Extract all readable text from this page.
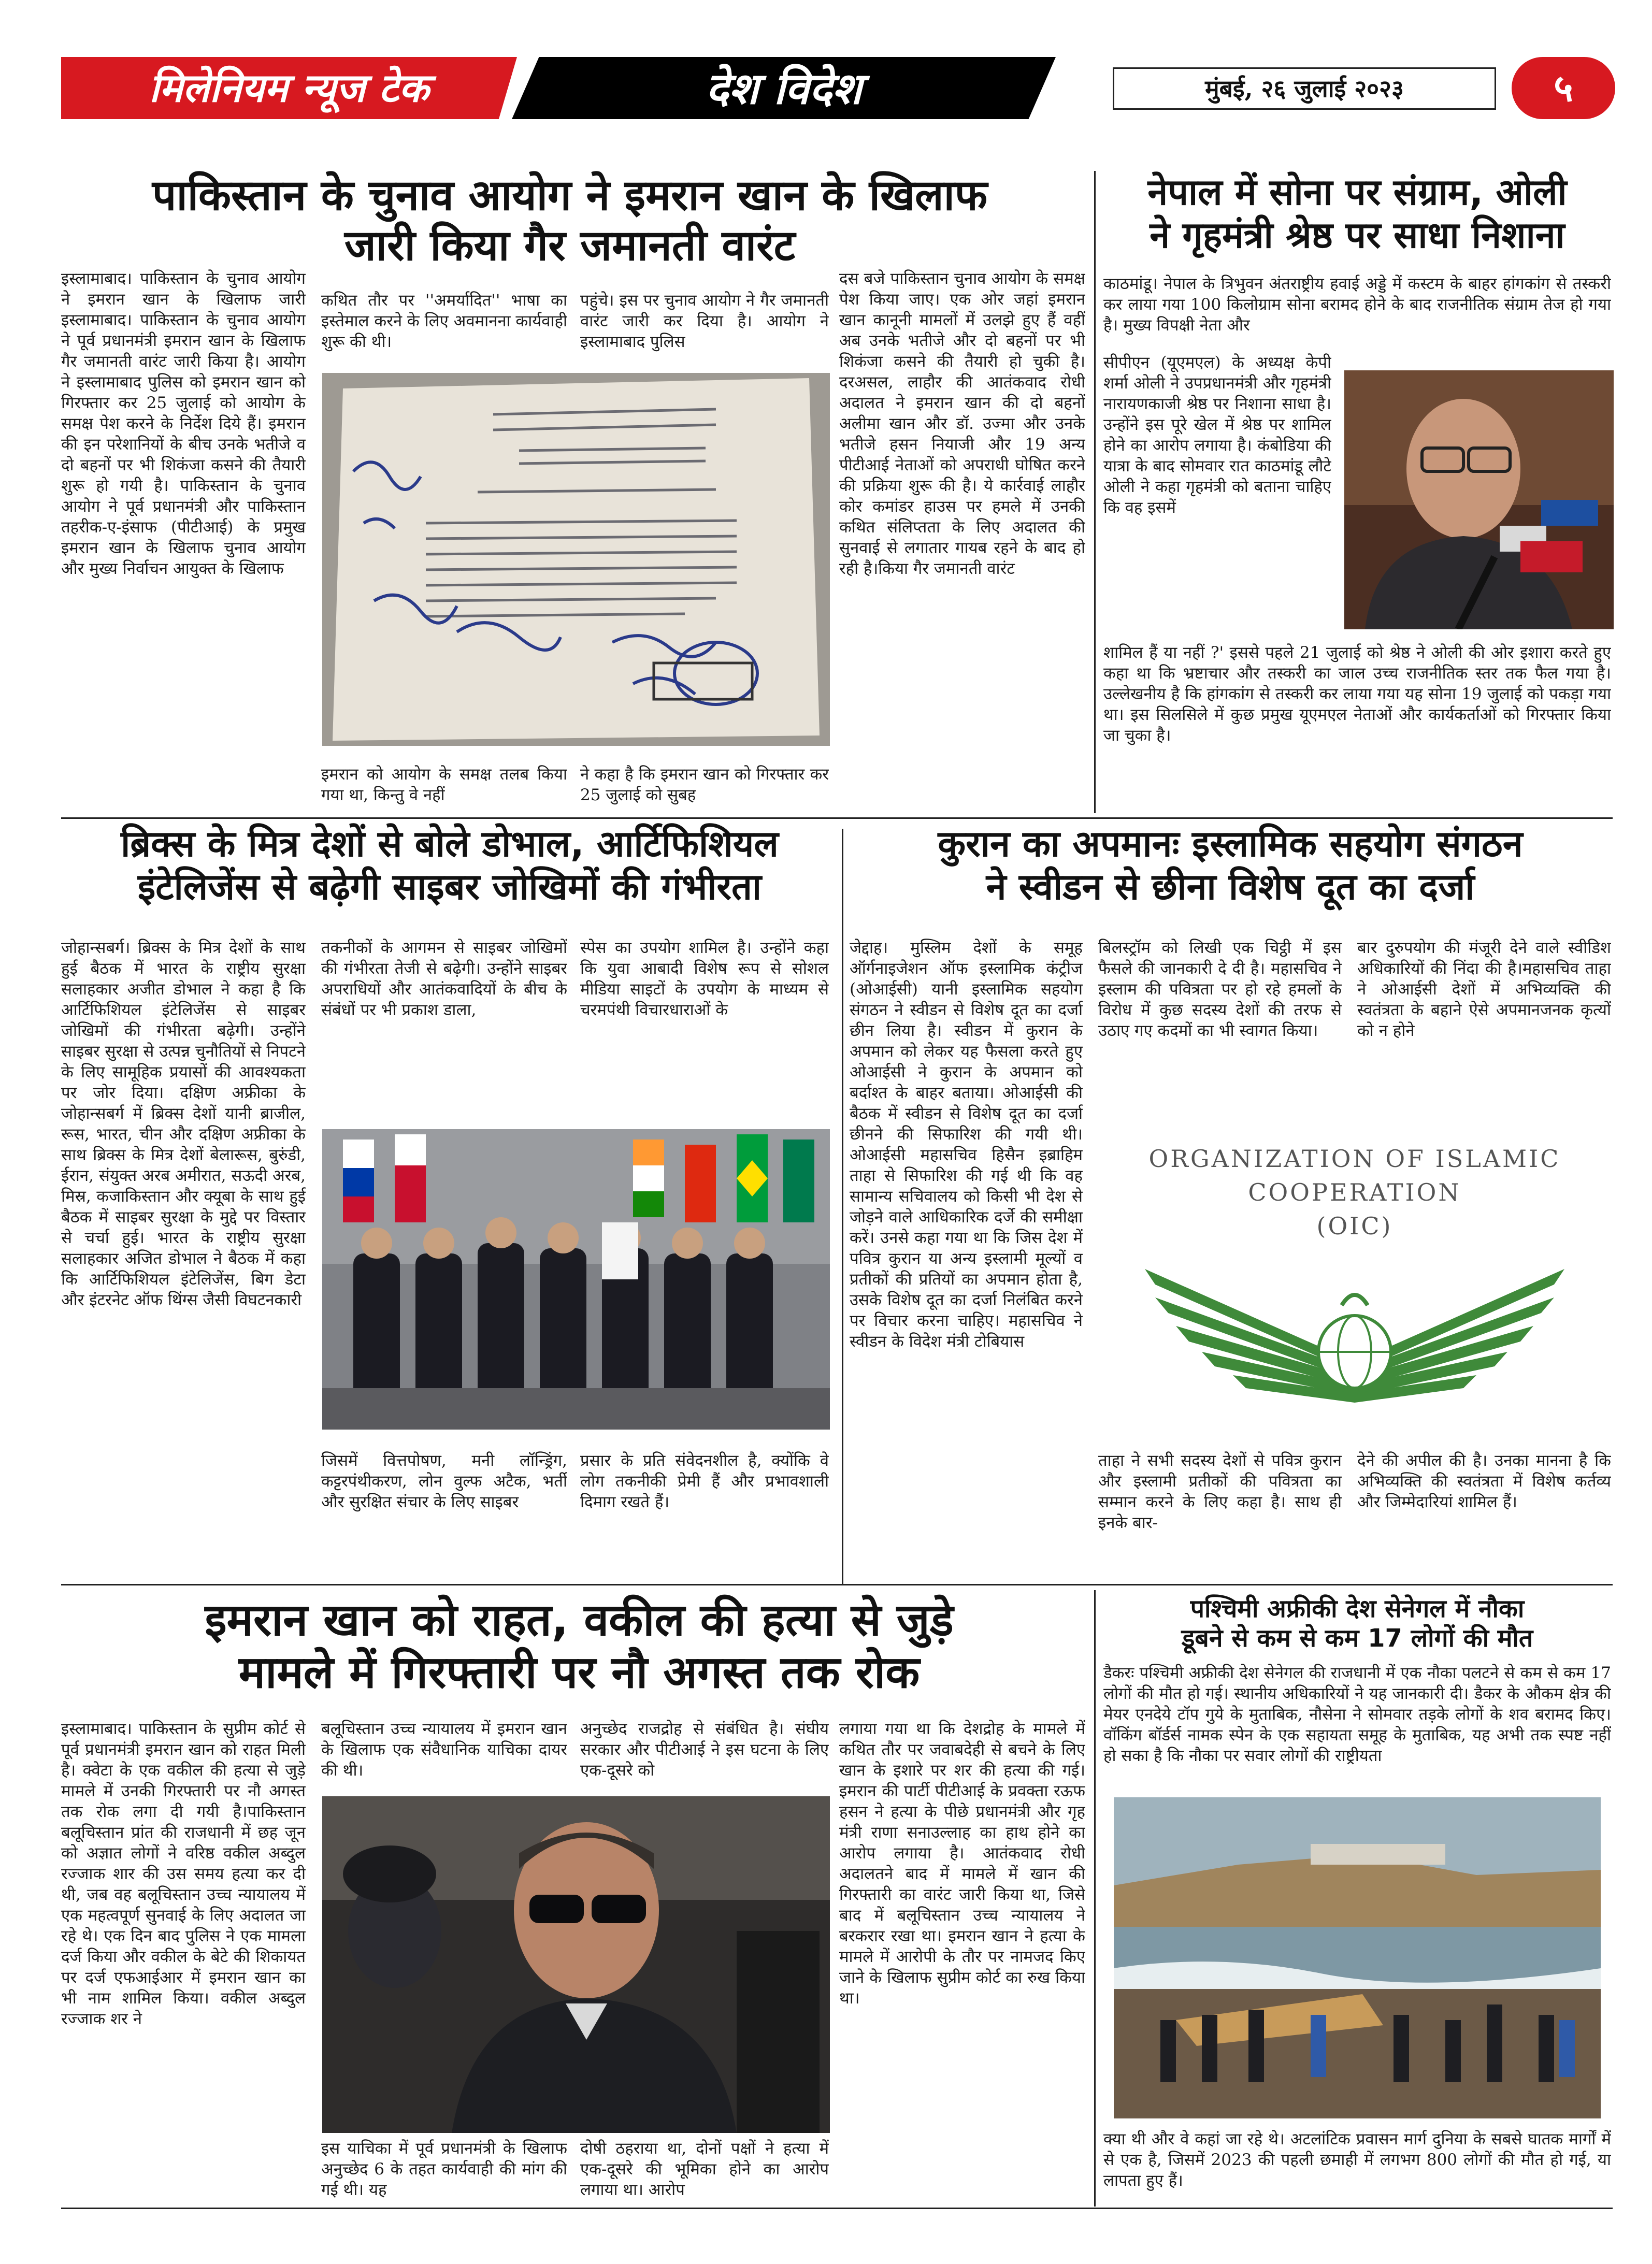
मिलेनियम न्यूज टेक	देश विदेश	मुंबई, २६ जुलाई २०२३	५
पाकिस्तान के चुनाव आयोग ने इमरान खान के खिलाफ
जारी किया गैर जमानती वारंट
इस्लामाबाद। पाकिस्तान के चुनाव आयोग ने इमरान खान के खिलाफ जारी इस्लामाबाद। पाकिस्तान के चुनाव आयोग ने पूर्व प्रधानमंत्री इमरान खान के खिलाफ गैर जमानती वारंट जारी किया है। आयोग ने इस्लामाबाद पुलिस को इमरान खान को गिरफ्तार कर 25 जुलाई को आयोग के समक्ष पेश करने के निर्देश दिये हैं। इमरान की इन परेशानियों के बीच उनके भतीजे व दो बहनों पर भी शिकंजा कसने की तैयारी शुरू हो गयी है। पाकिस्तान के चुनाव आयोग ने पूर्व प्रधानमंत्री और पाकिस्तान तहरीक-ए-इंसाफ (पीटीआई) के प्रमुख इमरान खान के खिलाफ चुनाव आयोग और मुख्य निर्वाचन आयुक्त के खिलाफ
कथित तौर पर ''अमर्यादित'' भाषा का इस्तेमाल करने के लिए अवमानना कार्यवाही शुरू की थी।
पहुंचे। इस पर चुनाव आयोग ने गैर जमानती वारंट जारी कर दिया है। आयोग ने इस्लामाबाद पुलिस
इमरान को आयोग के समक्ष तलब किया गया था, किन्तु वे नहीं
ने कहा है कि इमरान खान को गिरफ्तार कर 25 जुलाई को सुबह
दस बजे पाकिस्तान चुनाव आयोग के समक्ष पेश किया जाए। एक ओर जहां इमरान खान कानूनी मामलों में उलझे हुए हैं वहीं अब उनके भतीजे और दो बहनों पर भी शिकंजा कसने की तैयारी हो चुकी है। दरअसल, लाहौर की आतंकवाद रोधी अदालत ने इमरान खान की दो बहनों अलीमा खान और डॉ. उज्मा और उनके भतीजे हसन नियाजी और 19 अन्य पीटीआई नेताओं को अपराधी घोषित करने की प्रक्रिया शुरू की है। ये कार्रवाई लाहौर कोर कमांडर हाउस पर हमले में उनकी कथित संलिप्तता के लिए अदालत की सुनवाई से लगातार गायब रहने के बाद हो रही है।किया गैर जमानती वारंट
नेपाल में सोना पर संग्राम, ओली
ने गृहमंत्री श्रेष्ठ पर साधा निशाना
काठमांडू। नेपाल के त्रिभुवन अंतराष्ट्रीय हवाई अड्डे में कस्टम के बाहर हांगकांग से तस्करी कर लाया गया 100 किलोग्राम सोना बरामद होने के बाद राजनीतिक संग्राम तेज हो गया है। मुख्य विपक्षी नेता और
सीपीएन (यूएमएल) के अध्यक्ष केपी शर्मा ओली ने उपप्रधानमंत्री और गृहमंत्री नारायणकाजी श्रेष्ठ पर निशाना साधा है। उन्होंने इस पूरे खेल में श्रेष्ठ पर शामिल होने का आरोप लगाया है। कंबोडिया की यात्रा के बाद सोमवार रात काठमांडू लौटे ओली ने कहा गृहमंत्री को बताना चाहिए कि वह इसमें
शामिल हैं या नहीं ?' इससे पहले 21 जुलाई को श्रेष्ठ ने ओली की ओर इशारा करते हुए कहा था कि भ्रष्टाचार और तस्करी का जाल उच्च राजनीतिक स्तर तक फैल गया है। उल्लेखनीय है कि हांगकांग से तस्करी कर लाया गया यह सोना 19 जुलाई को पकड़ा गया था। इस सिलसिले में कुछ प्रमुख यूएमएल नेताओं और कार्यकर्ताओं को गिरफ्तार किया जा चुका है।
ब्रिक्स के मित्र देशों से बोले डोभाल, आर्टिफिशियल
इंटेलिजेंस से बढ़ेगी साइबर जोखिमों की गंभीरता
जोहान्सबर्ग। ब्रिक्स के मित्र देशों के साथ हुई बैठक में भारत के राष्ट्रीय सुरक्षा सलाहकार अजीत डोभाल ने कहा है कि आर्टिफिशियल इंटेलिजेंस से साइबर जोखिमों की गंभीरता बढ़ेगी। उन्होंने साइबर सुरक्षा से उत्पन्न चुनौतियों से निपटने के लिए सामूहिक प्रयासों की आवश्यकता पर जोर दिया। दक्षिण अफ्रीका के जोहान्सबर्ग में ब्रिक्स देशों यानी ब्राजील, रूस, भारत, चीन और दक्षिण अफ्रीका के साथ ब्रिक्स के मित्र देशों बेलारूस, बुरुंडी, ईरान, संयुक्त अरब अमीरात, सऊदी अरब, मिस्र, कजाकिस्तान और क्यूबा के साथ हुई बैठक में साइबर सुरक्षा के मुद्दे पर विस्तार से चर्चा हुई। भारत के राष्ट्रीय सुरक्षा सलाहकार अजित डोभाल ने बैठक में कहा कि आर्टिफिशियल इंटेलिजेंस, बिग डेटा और इंटरनेट ऑफ थिंग्स जैसी विघटनकारी
तकनीकों के आगमन से साइबर जोखिमों की गंभीरता तेजी से बढ़ेगी। उन्होंने साइबर अपराधियों और आतंकवादियों के बीच के संबंधों पर भी प्रकाश डाला,
स्पेस का उपयोग शामिल है। उन्होंने कहा कि युवा आबादी विशेष रूप से सोशल मीडिया साइटों के उपयोग के माध्यम से चरमपंथी विचारधाराओं के
जिसमें वित्तपोषण, मनी लॉन्ड्रिंग, कट्टरपंथीकरण, लोन वुल्फ अटैक, भर्ती और सुरक्षित संचार के लिए साइबर
प्रसार के प्रति संवेदनशील है, क्योंकि वे लोग तकनीकी प्रेमी हैं और प्रभावशाली दिमाग रखते हैं।
कुरान का अपमानः इस्लामिक सहयोग संगठन
ने स्वीडन से छीना विशेष दूत का दर्जा
जेद्दाह। मुस्लिम देशों के समूह ऑर्गनाइजेशन ऑफ इस्लामिक कंट्रीज (ओआईसी) यानी इस्लामिक सहयोग संगठन ने स्वीडन से विशेष दूत का दर्जा छीन लिया है। स्वीडन में कुरान के अपमान को लेकर यह फैसला करते हुए ओआईसी ने कुरान के अपमान को बर्दाश्त के बाहर बताया। ओआईसी की बैठक में स्वीडन से विशेष दूत का दर्जा छीनने की सिफारिश की गयी थी। ओआईसी महासचिव हिसैन इब्राहिम ताहा से सिफारिश की गई थी कि वह सामान्य सचिवालय को किसी भी देश से जोड़ने वाले आधिकारिक दर्जे की समीक्षा करें। उनसे कहा गया था कि जिस देश में पवित्र कुरान या अन्य इस्लामी मूल्यों व प्रतीकों की प्रतियों का अपमान होता है, उसके विशेष दूत का दर्जा निलंबित करने पर विचार करना चाहिए। महासचिव ने स्वीडन के विदेश मंत्री टोबियास
बिलस्ट्रॉम को लिखी एक चिट्ठी में इस फैसले की जानकारी दे दी है। महासचिव ने इस्लाम की पवित्रता पर हो रहे हमलों के विरोध में कुछ सदस्य देशों की तरफ से उठाए गए कदमों का भी स्वागत किया।
बार दुरुपयोग की मंजूरी देने वाले स्वीडिश अधिकारियों की निंदा की है।महासचिव ताहा ने ओआईसी देशों में अभिव्यक्ति की स्वतंत्रता के बहाने ऐसे अपमानजनक कृत्यों को न होने
ORGANIZATION OF ISLAMIC
COOPERATION
(OIC)
ताहा ने सभी सदस्य देशों से पवित्र कुरान और इस्लामी प्रतीकों की पवित्रता का सम्मान करने के लिए कहा है। साथ ही इनके बार-
देने की अपील की है। उनका मानना है कि अभिव्यक्ति की स्वतंत्रता में विशेष कर्तव्य और जिम्मेदारियां शामिल हैं।
इमरान खान को राहत, वकील की हत्या से जुड़े
मामले में गिरफ्तारी पर नौ अगस्त तक रोक
इस्लामाबाद। पाकिस्तान के सुप्रीम कोर्ट से पूर्व प्रधानमंत्री इमरान खान को राहत मिली है। क्वेटा के एक वकील की हत्या से जुड़े मामले में उनकी गिरफ्तारी पर नौ अगस्त तक रोक लगा दी गयी है।पाकिस्तान बलूचिस्तान प्रांत की राजधानी में छह जून को अज्ञात लोगों ने वरिष्ठ वकील अब्दुल रज्जाक शार की उस समय हत्या कर दी थी, जब वह बलूचिस्तान उच्च न्यायालय में एक महत्वपूर्ण सुनवाई के लिए अदालत जा रहे थे। एक दिन बाद पुलिस ने एक मामला दर्ज किया और वकील के बेटे की शिकायत पर दर्ज एफआईआर में इमरान खान का भी नाम शामिल किया। वकील अब्दुल रज्जाक शर ने
बलूचिस्तान उच्च न्यायालय में इमरान खान के खिलाफ एक संवैधानिक याचिका दायर की थी।
अनुच्छेद राजद्रोह से संबंधित है। संघीय सरकार और पीटीआई ने इस घटना के लिए एक-दूसरे को
इस याचिका में पूर्व प्रधानमंत्री के खिलाफ अनुच्छेद 6 के तहत कार्यवाही की मांग की गई थी। यह
दोषी ठहराया था, दोनों पक्षों ने हत्या में एक-दूसरे की भूमिका होने का आरोप लगाया था। आरोप
लगाया गया था कि देशद्रोह के मामले में कथित तौर पर जवाबदेही से बचने के लिए खान के इशारे पर शर की हत्या की गई। इमरान की पार्टी पीटीआई के प्रवक्ता रऊफ हसन ने हत्या के पीछे प्रधानमंत्री और गृह मंत्री राणा सनाउल्लाह का हाथ होने का आरोप लगाया है। आतंकवाद रोधी अदालतने बाद में मामले में खान की गिरफ्तारी का वारंट जारी किया था, जिसे बाद में बलूचिस्तान उच्च न्यायालय ने बरकरार रखा था। इमरान खान ने हत्या के मामले में आरोपी के तौर पर नामजद किए जाने के खिलाफ सुप्रीम कोर्ट का रुख किया था।
पश्चिमी अफ्रीकी देश सेनेगल में नौका
डूबने से कम से कम 17 लोगों की मौत
डैकरः पश्चिमी अफ्रीकी देश सेनेगल की राजधानी में एक नौका पलटने से कम से कम 17 लोगों की मौत हो गई। स्थानीय अधिकारियों ने यह जानकारी दी। डैकर के औकम क्षेत्र की मेयर एनदेये टॉप गुये के मुताबिक, नौसेना ने सोमवार तड़के लोगों के शव बरामद किए। वॉकिंग बॉर्डर्स नामक स्पेन के एक सहायता समूह के मुताबिक, यह अभी तक स्पष्ट नहीं हो सका है कि नौका पर सवार लोगों की राष्ट्रीयता
क्या थी और वे कहां जा रहे थे। अटलांटिक प्रवासन मार्ग दुनिया के सबसे घातक मार्गों में से एक है, जिसमें 2023 की पहली छमाही में लगभग 800 लोगों की मौत हो गई, या लापता हुए हैं।
